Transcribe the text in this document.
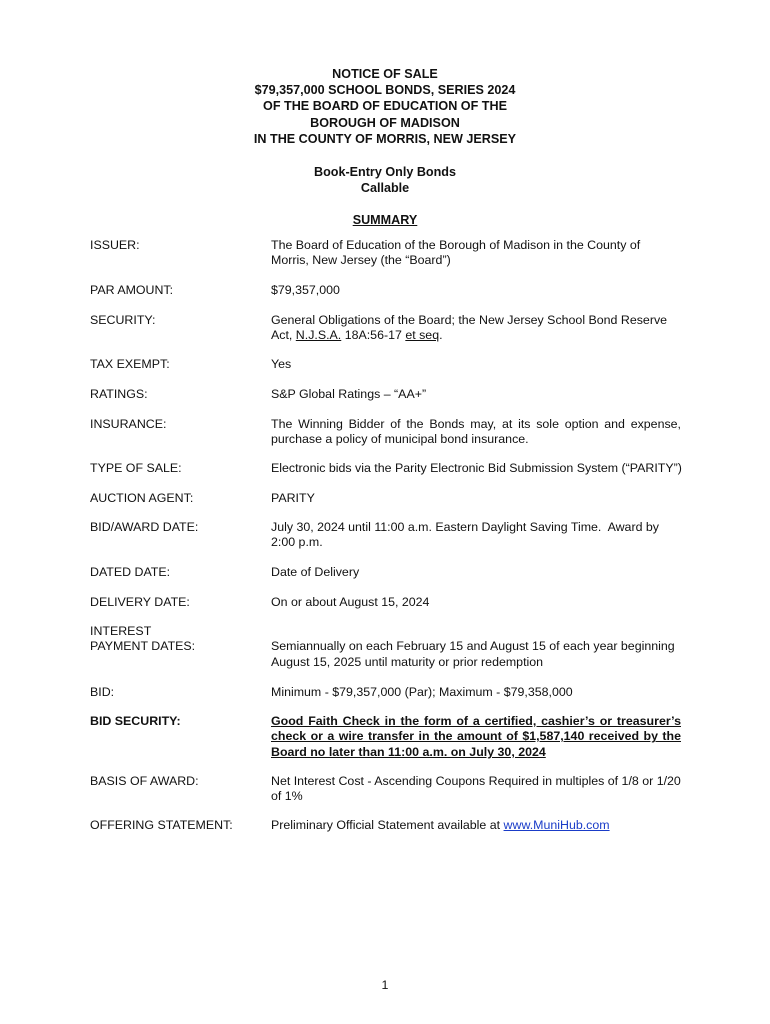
NOTICE OF SALE
$79,357,000 SCHOOL BONDS, SERIES 2024
OF THE BOARD OF EDUCATION OF THE
BOROUGH OF MADISON
IN THE COUNTY OF MORRIS, NEW JERSEY
Book-Entry Only Bonds
Callable
SUMMARY
ISSUER:	The Board of Education of the Borough of Madison in the County of Morris, New Jersey (the “Board”)
PAR AMOUNT:	$79,357,000
SECURITY:	General Obligations of the Board; the New Jersey School Bond Reserve Act, N.J.S.A. 18A:56-17 et seq.
TAX EXEMPT:	Yes
RATINGS:	S&P Global Ratings – “AA+”
INSURANCE:	The Winning Bidder of the Bonds may, at its sole option and expense, purchase a policy of municipal bond insurance.
TYPE OF SALE:	Electronic bids via the Parity Electronic Bid Submission System (“PARITY”)
AUCTION AGENT:	PARITY
BID/AWARD DATE:	July 30, 2024 until 11:00 a.m. Eastern Daylight Saving Time.  Award by 2:00 p.m.
DATED DATE:	Date of Delivery
DELIVERY DATE:	On or about August 15, 2024
INTEREST
PAYMENT DATES:	Semiannually on each February 15 and August 15 of each year beginning August 15, 2025 until maturity or prior redemption
BID:	Minimum - $79,357,000 (Par); Maximum - $79,358,000
BID SECURITY:	Good Faith Check in the form of a certified, cashier’s or treasurer’s check or a wire transfer in the amount of $1,587,140 received by the Board no later than 11:00 a.m. on July 30, 2024
BASIS OF AWARD:	Net Interest Cost - Ascending Coupons Required in multiples of 1/8 or 1/20 of 1%
OFFERING STATEMENT:	Preliminary Official Statement available at www.MuniHub.com
1
